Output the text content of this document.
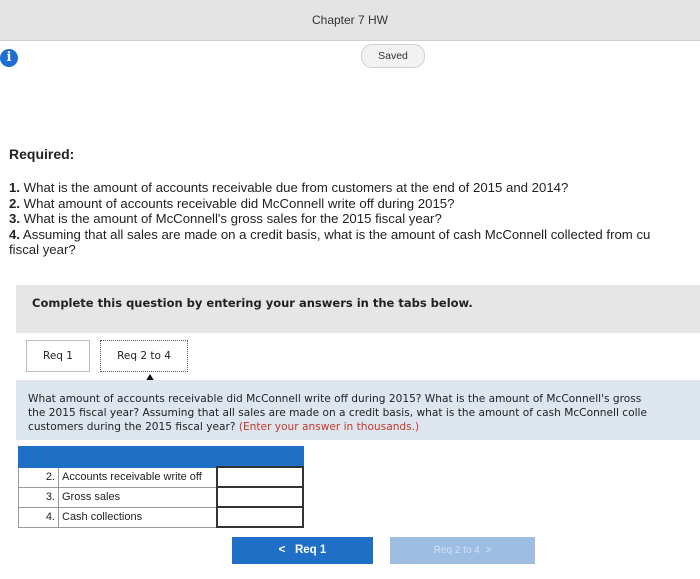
Chapter 7 HW
i	Saved
Required:
1. What is the amount of accounts receivable due from customers at the end of 2015 and 2014?
2. What amount of accounts receivable did McConnell write off during 2015?
3. What is the amount of McConnell's gross sales for the 2015 fiscal year?
4. Assuming that all sales are made on a credit basis, what is the amount of cash McConnell collected from cu
fiscal year?
Complete this question by entering your answers in the tabs below.
Req 1	Req 2 to 4
What amount of accounts receivable did McConnell write off during 2015? What is the amount of McConnell's gross
the 2015 fiscal year? Assuming that all sales are made on a credit basis, what is the amount of cash McConnell colle
customers during the 2015 fiscal year? (Enter your answer in thousands.)

2.	Accounts receivable write off	
3.	Gross sales	
4.	Cash collections	
< Req 1	Req 2 to 4 >
